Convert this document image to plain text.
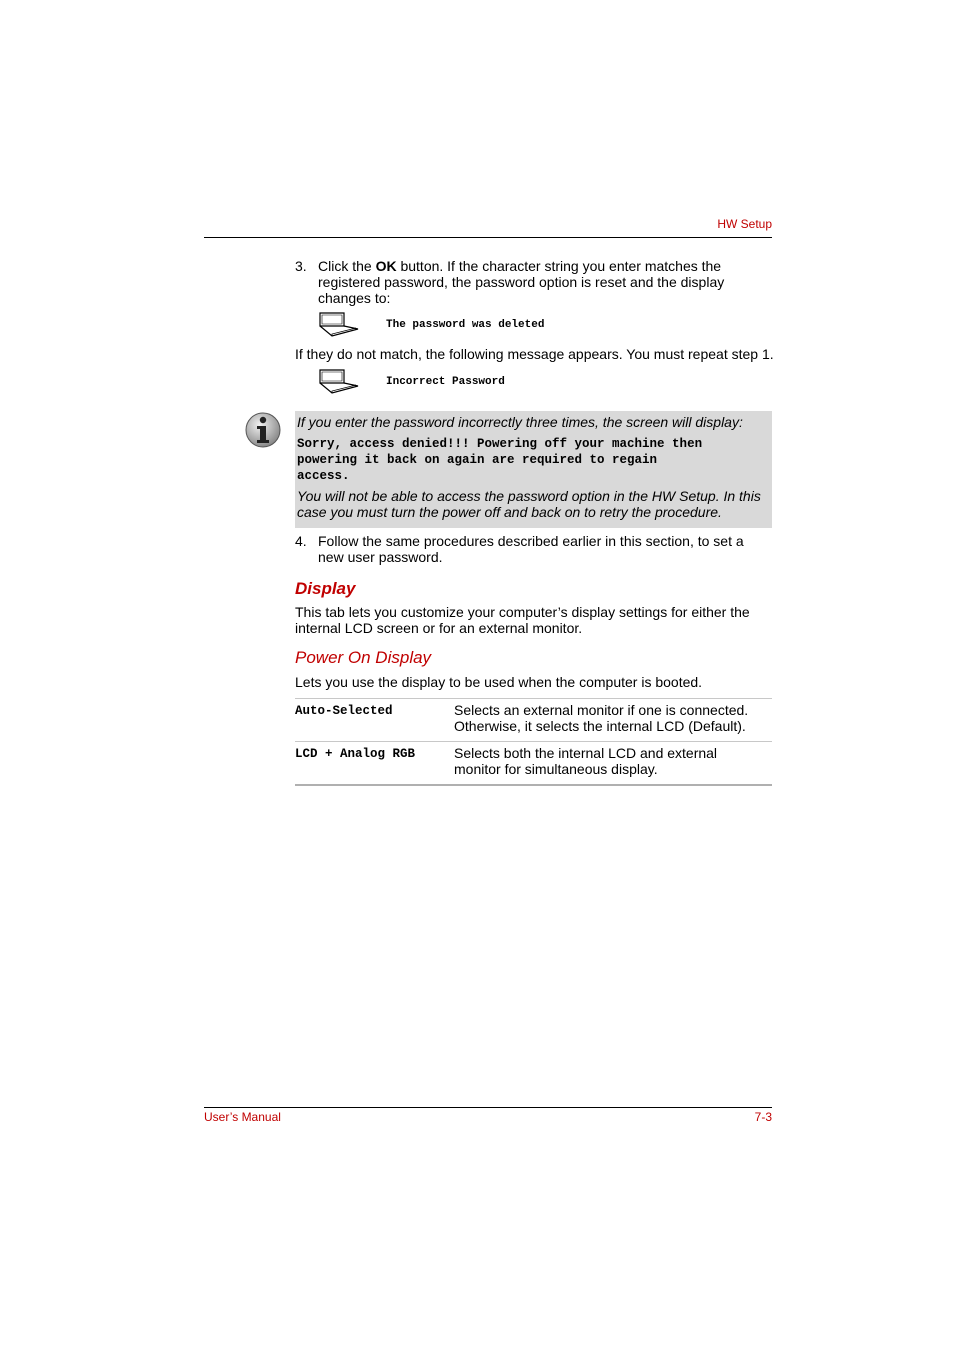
HW Setup
3. Click the OK button. If the character string you enter matches the
registered password, the password option is reset and the display
changes to:
The password was deleted
If they do not match, the following message appears. You must repeat step 1.
Incorrect Password
If you enter the password incorrectly three times, the screen will display:
Sorry, access denied!!! Powering off your machine then
powering it back on again are required to regain
access.
You will not be able to access the password option in the HW Setup. In this
case you must turn the power off and back on to retry the procedure.
4. Follow the same procedures described earlier in this section, to set a
new user password.
Display
This tab lets you customize your computer’s display settings for either the
internal LCD screen or for an external monitor.
Power On Display
Lets you use the display to be used when the computer is booted.
Auto-Selected	Selects an external monitor if one is connected.
Otherwise, it selects the internal LCD (Default).
LCD + Analog RGB	Selects both the internal LCD and external
monitor for simultaneous display.
User’s Manual	7-3
